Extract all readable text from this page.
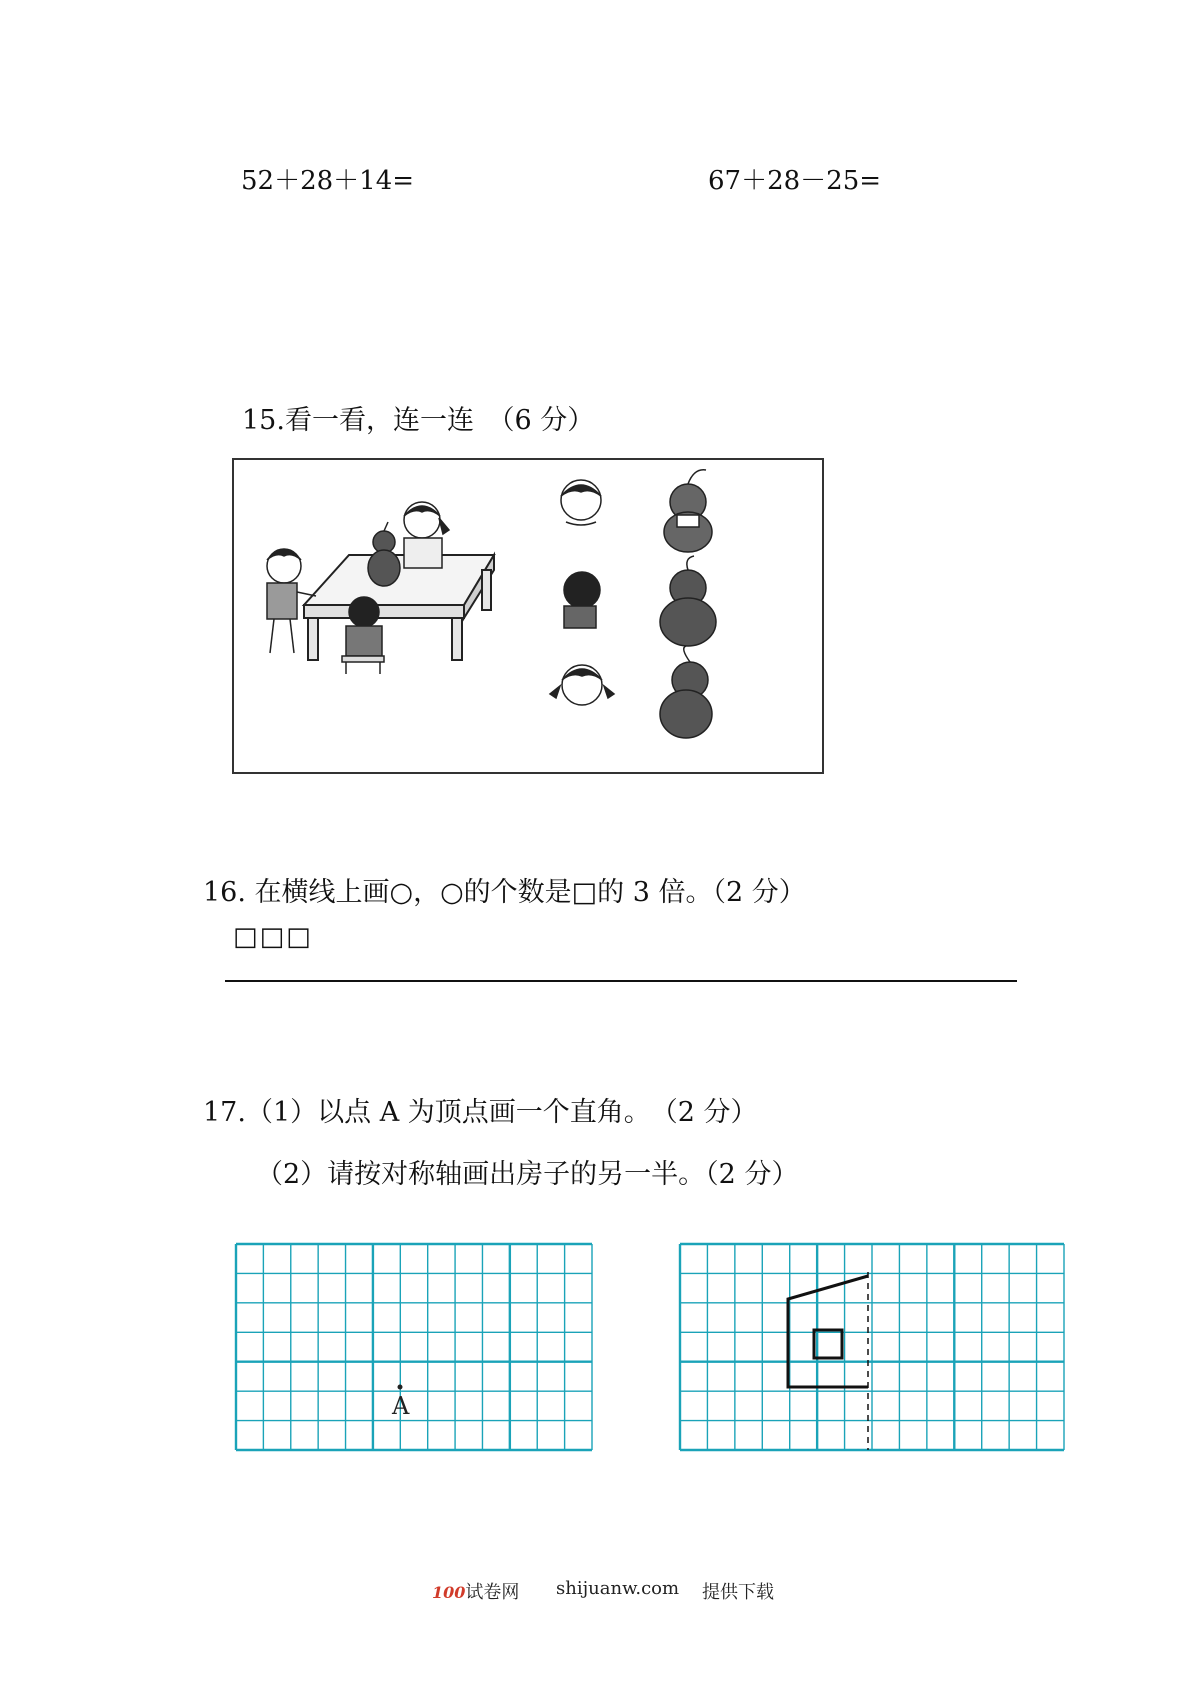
52＋28＋14=	67＋28－25=
15.看一看，连一连　（6 分）
16. 在横线上画○，○的个数是□的 3 倍。（2 分）
□□□
17.（1）以点 A 为顶点画一个直角。　（2 分）
（2）请按对称轴画出房子的另一半。（2 分）
A
100试卷网 shijuanw.com 提供下载
